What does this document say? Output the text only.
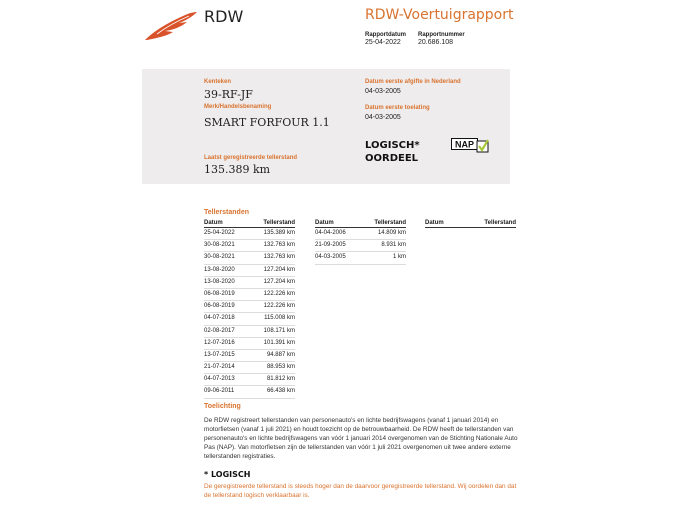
RDW	RDW-Voertuigrapport
Rapportdatum
25-04-2022
Rapportnummer
20.686.108
Kenteken
39-RF-JF
Merk/Handelsbenaming
SMART FORFOUR 1.1
Laatst geregistreerde tellerstand
135.389 km
Datum eerste afgifte in Nederland
04-03-2005
Datum eerste toelating
04-03-2005
LOGISCH*
OORDEEL
NAP
Tellerstanden
Datum	Tellerstand
25-04-2022	135.389 km
30-08-2021	132.763 km
30-08-2021	132.763 km
13-08-2020	127.204 km
13-08-2020	127.204 km
06-08-2019	122.226 km
06-08-2019	122.226 km
04-07-2018	115.008 km
02-08-2017	108.171 km
12-07-2016	101.391 km
13-07-2015	94.887 km
21-07-2014	88.953 km
04-07-2013	81.812 km
09-06-2011	66.438 km
Datum	Tellerstand
04-04-2006	14.809 km
21-09-2005	8.931 km
04-03-2005	1 km
Datum	Tellerstand
Toelichting
De RDW registreert tellerstanden van personenauto's en lichte bedrijfswagens (vanaf 1 januari 2014) en motorfietsen (vanaf 1 juli 2021) en houdt toezicht op de betrouwbaarheid. De RDW heeft de tellerstanden van personenauto's en lichte bedrijfswagens van vóór 1 januari 2014 overgenomen van de Stichting Nationale Auto Pas (NAP). Van motorfietsen zijn de tellerstanden van vóór 1 juli 2021 overgenomen uit twee andere externe tellerstanden registraties.
* LOGISCH
De geregistreerde tellerstand is steeds hoger dan de daarvoor geregistreerde tellerstand. Wij oordelen dan dat de tellerstand logisch verklaarbaar is.
